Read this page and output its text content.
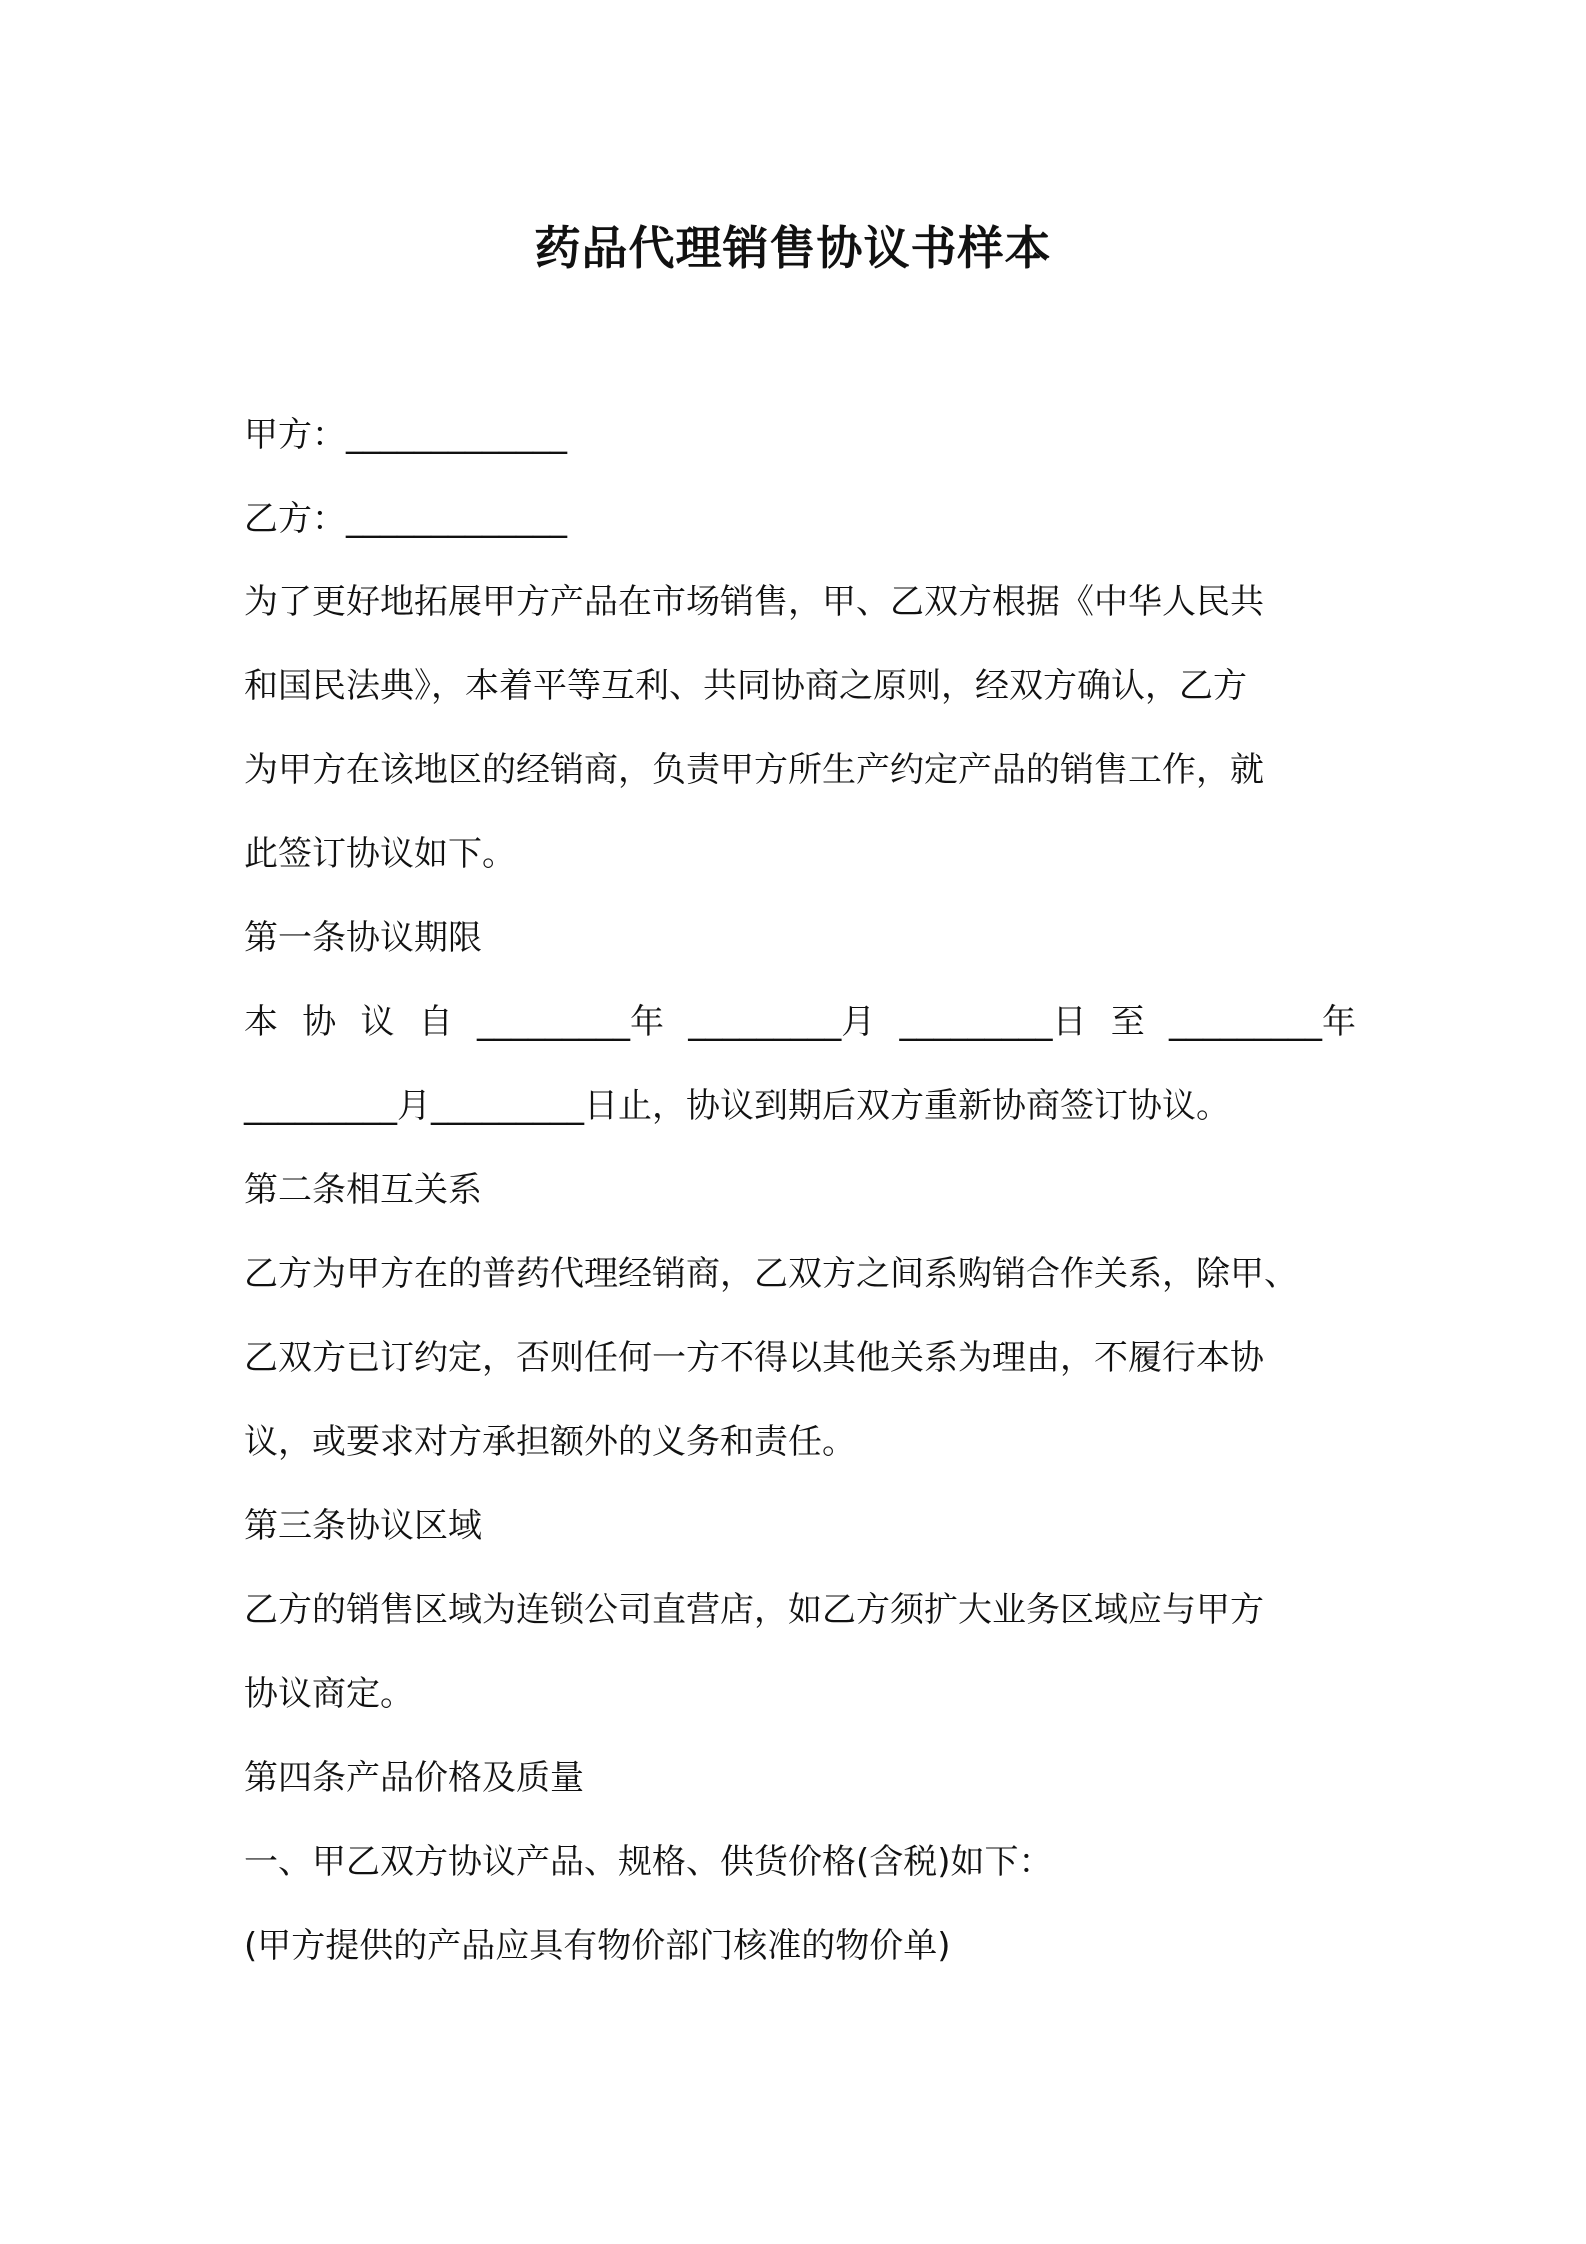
药品代理销售协议书样本

甲方：_____________

乙方：_____________

为了更好地拓展甲方产品在市场销售，甲、乙双方根据《中华人民共

和国民法典》，本着平等互利、共同协商之原则，经双方确认，乙方

为甲方在该地区的经销商，负责甲方所生产约定产品的销售工作，就

此签订协议如下。

第一条协议期限

本 协 议 自 _________年 _________月 _________日 至 _________年

_________月_________日止，协议到期后双方重新协商签订协议。

第二条相互关系

乙方为甲方在的普药代理经销商，乙双方之间系购销合作关系，除甲、

乙双方已订约定，否则任何一方不得以其他关系为理由，不履行本协

议，或要求对方承担额外的义务和责任。

第三条协议区域

乙方的销售区域为连锁公司直营店，如乙方须扩大业务区域应与甲方

协议商定。

第四条产品价格及质量

一、甲乙双方协议产品、规格、供货价格(含税)如下：

(甲方提供的产品应具有物价部门核准的物价单)
